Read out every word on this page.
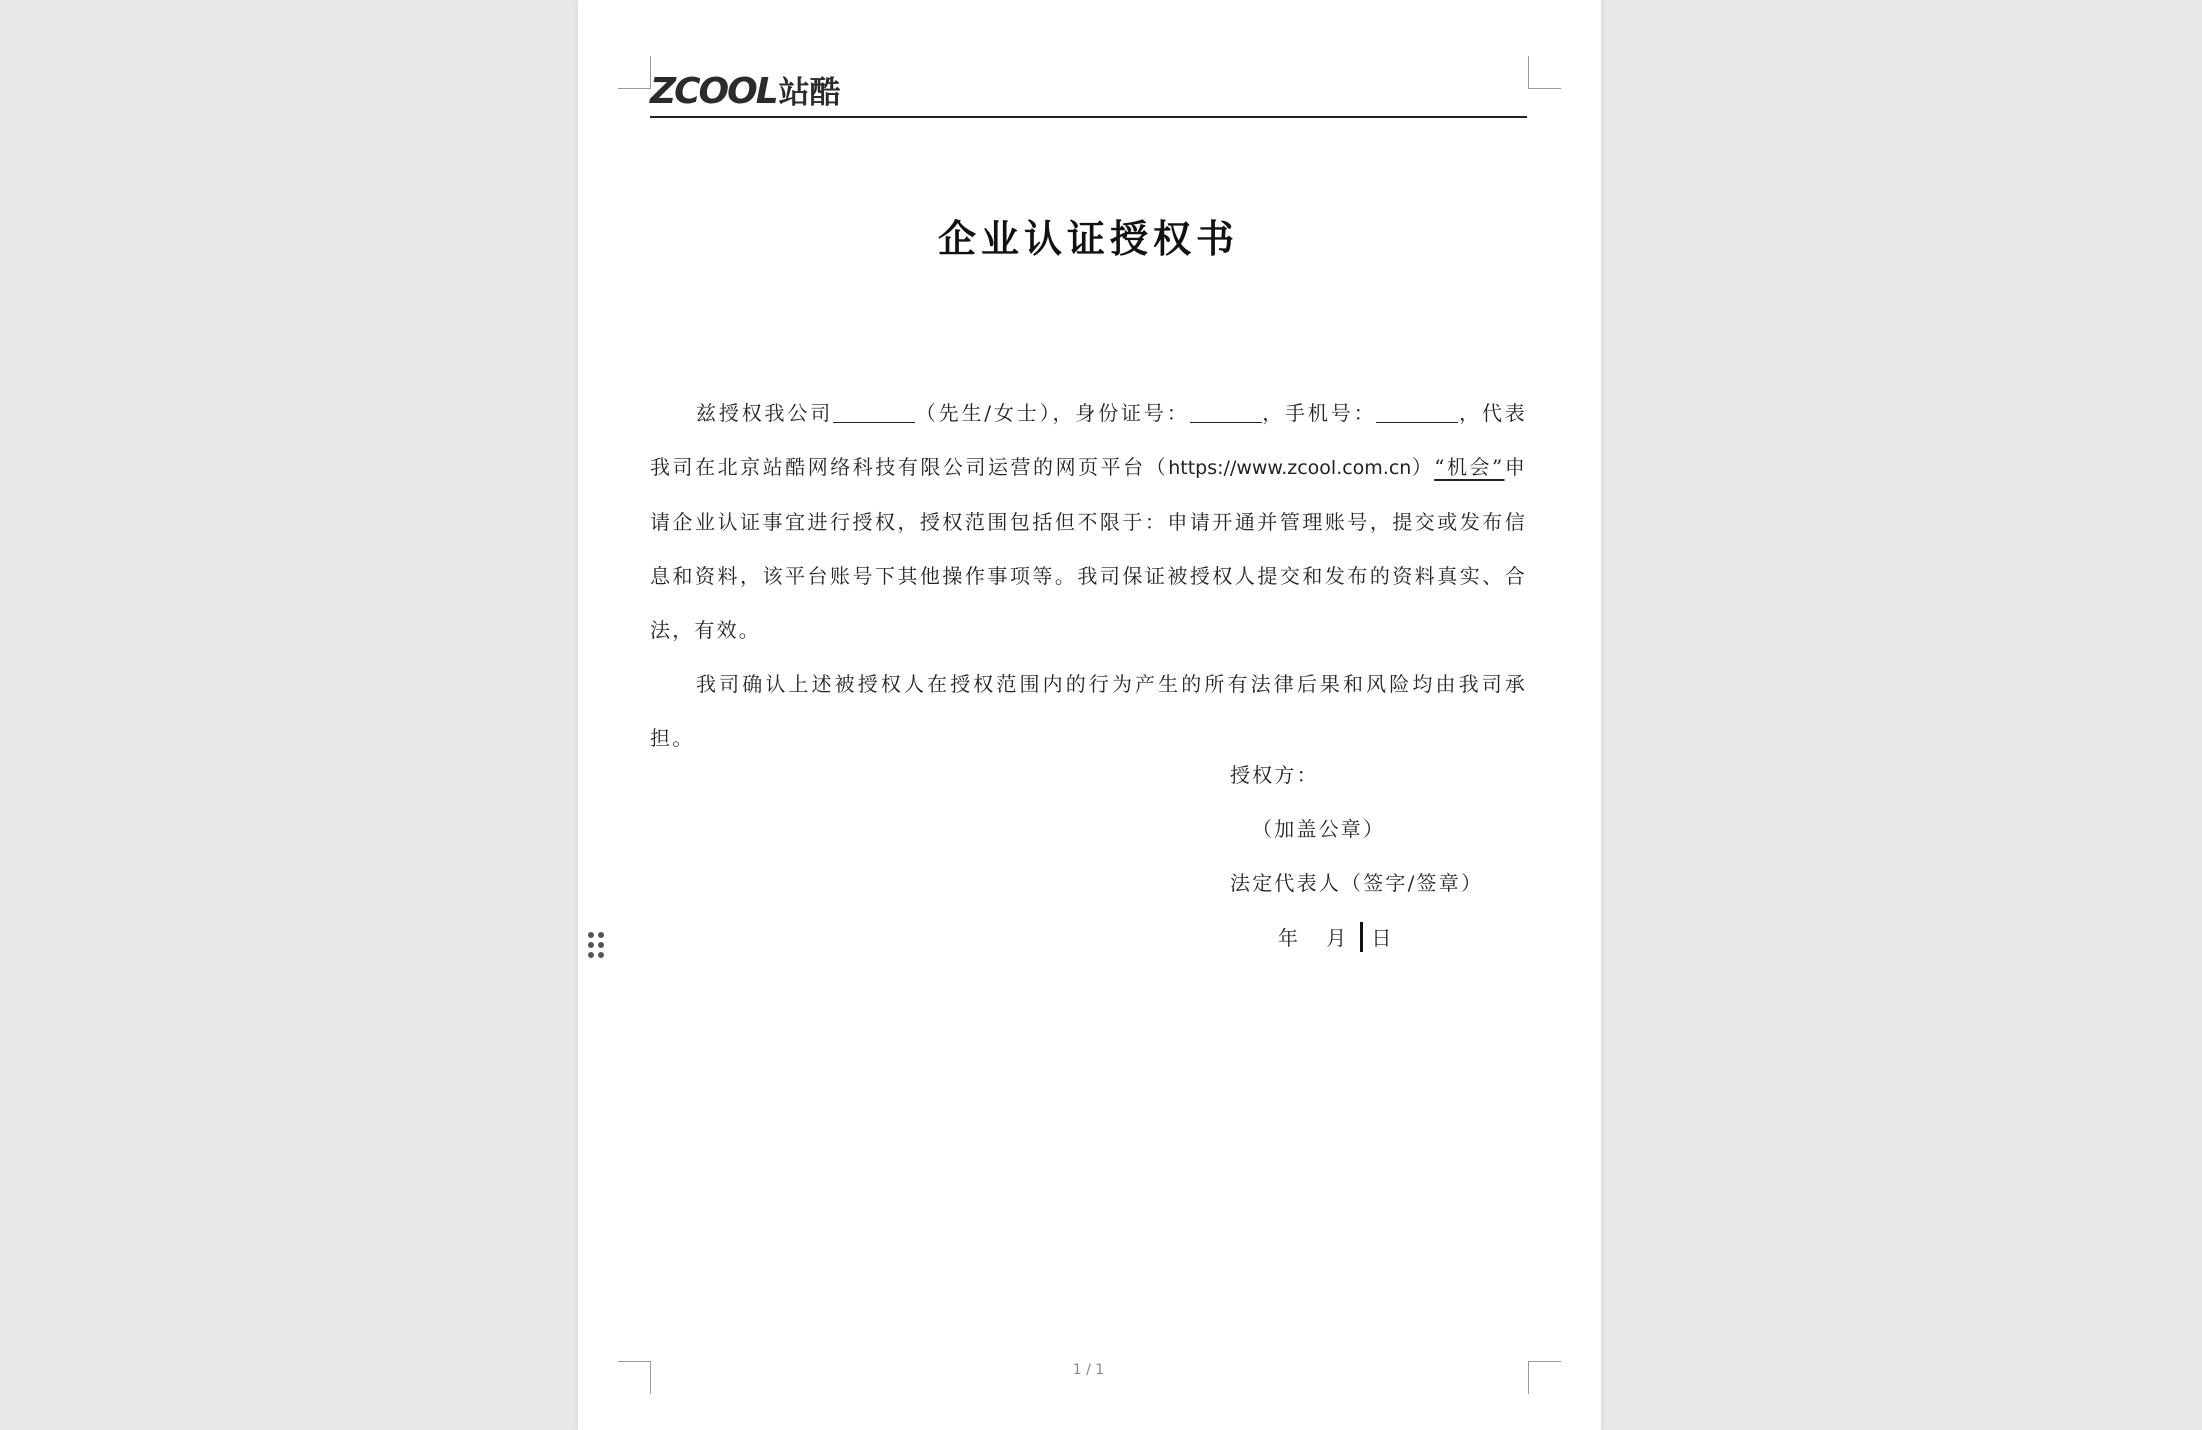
ZCOOL站酷
企业认证授权书

兹授权我公司	（先生/女士），身份证号：	，手机号：	，代表我司在北京站酷网络科技有限公司运营的网页平台（https://www.zcool.com.cn）“机会”申请企业认证事宜进行授权，授权范围包括但不限于：申请开通并管理账号，提交或发布信息和资料，该平台账号下其他操作事项等。我司保证被授权人提交和发布的资料真实、合法，有效。

我司确认上述被授权人在授权范围内的行为产生的所有法律后果和风险均由我司承担。

授权方：
（加盖公章）
法定代表人（签字/签章）
年 月 日
1 / 1
